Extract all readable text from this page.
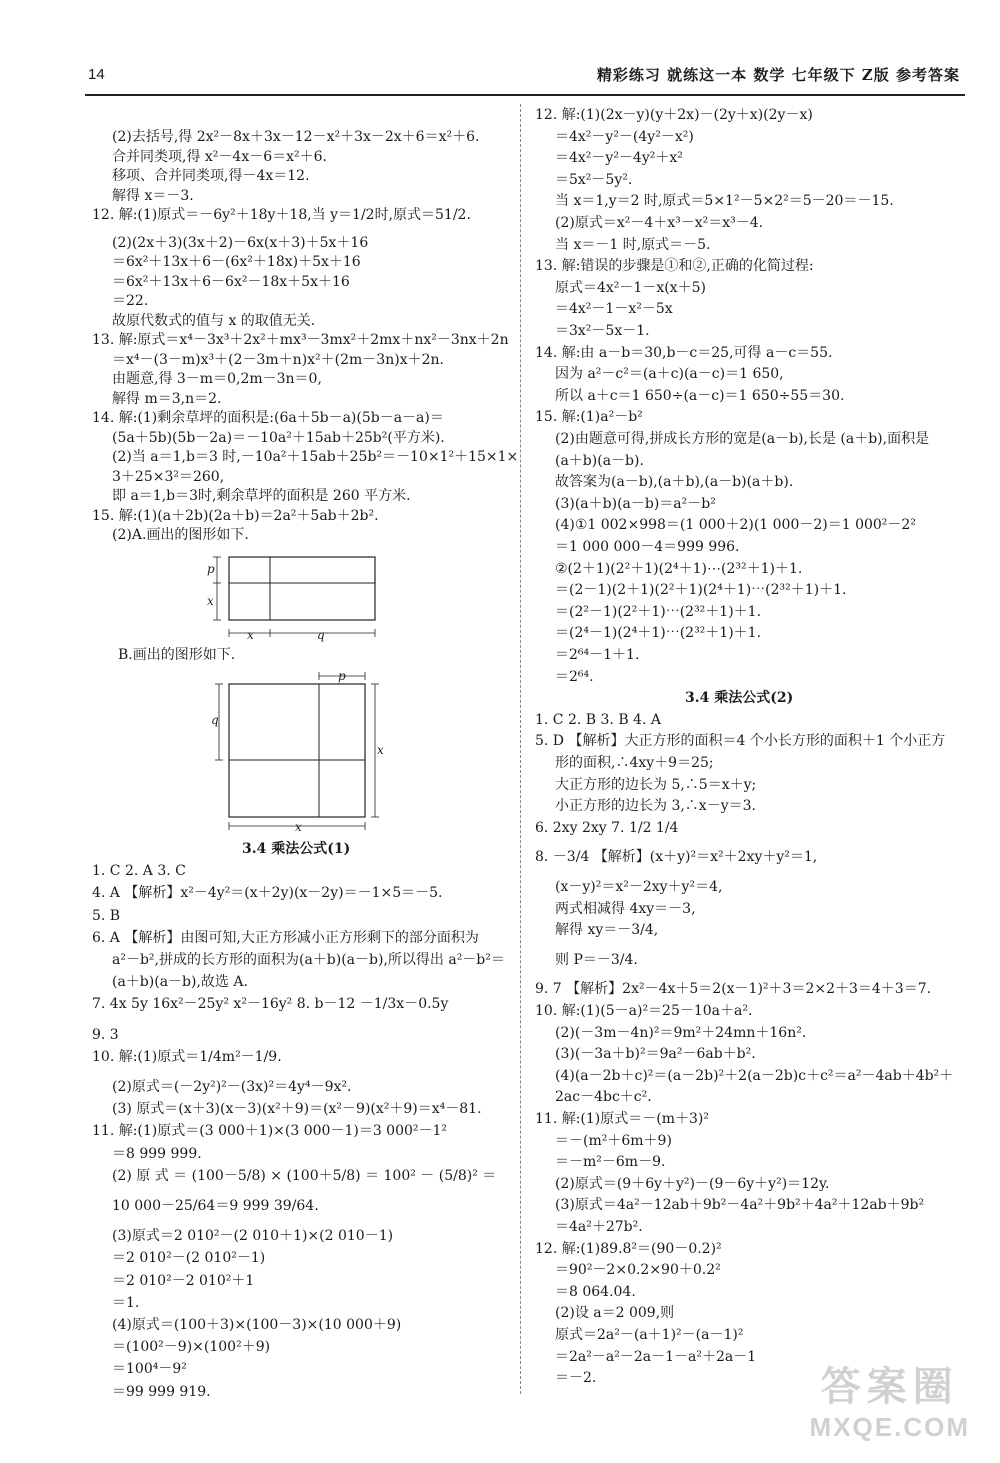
14	精彩练习 就练这一本 数学 七年级下 Z版 参考答案
(2)去括号,得 2x²－8x＋3x－12－x²＋3x－2x＋6＝x²＋6.
合并同类项,得 x²－4x－6＝x²＋6.
移项、合并同类项,得－4x＝12.
解得 x＝－3.
12. 解:(1)原式＝－6y²＋18y＋18,当 y＝1/2时,原式＝51/2.
(2)(2x＋3)(3x＋2)－6x(x＋3)＋5x＋16
＝6x²＋13x＋6－(6x²＋18x)＋5x＋16
＝6x²＋13x＋6－6x²－18x＋5x＋16
＝22.
故原代数式的值与 x 的取值无关.
13. 解:原式＝x⁴－3x³＋2x²＋mx³－3mx²＋2mx＋nx²－3nx＋2n
＝x⁴－(3－m)x³＋(2－3m＋n)x²＋(2m－3n)x＋2n.
由题意,得 3－m＝0,2m－3n＝0,
解得 m＝3,n＝2.
14. 解:(1)剩余草坪的面积是:(6a＋5b－a)(5b－a－a)＝
(5a＋5b)(5b－2a)＝－10a²＋15ab＋25b²(平方米).
(2)当 a＝1,b＝3 时,－10a²＋15ab＋25b²＝－10×1²＋15×1×
3＋25×3²＝260,
即 a＝1,b＝3时,剩余草坪的面积是 260 平方米.
15. 解:(1)(a＋2b)(2a＋b)＝2a²＋5ab＋2b².
(2)A.画出的图形如下.
p
x
x	q
B.画出的图形如下.
p
q
x
x
3.4 乘法公式(1)
1. C 2. A 3. C
4. A 【解析】x²－4y²＝(x＋2y)(x－2y)＝－1×5＝－5.
5. B
6. A 【解析】由图可知,大正方形减小正方形剩下的部分面积为
a²－b²,拼成的长方形的面积为(a＋b)(a－b),所以得出 a²－b²＝
(a＋b)(a－b),故选 A.
7. 4x 5y 16x²－25y² x²－16y² 8. b－12 －1/3x－0.5y
9. 3
10. 解:(1)原式＝1/4m²－1/9.
(2)原式＝(－2y²)²－(3x)²＝4y⁴－9x².
(3) 原式＝(x＋3)(x－3)(x²＋9)＝(x²－9)(x²＋9)＝x⁴－81.
11. 解:(1)原式＝(3 000＋1)×(3 000－1)＝3 000²－1²
＝8 999 999.
(2) 原 式 ＝ (100－5/8) × (100＋5/8) ＝ 100² － (5/8)² ＝
10 000－25/64＝9 999 39/64.
(3)原式＝2 010²－(2 010＋1)×(2 010－1)
＝2 010²－(2 010²－1)
＝2 010²－2 010²＋1
＝1.
(4)原式＝(100＋3)×(100－3)×(10 000＋9)
＝(100²－9)×(100²＋9)
＝100⁴－9²
＝99 999 919.
12. 解:(1)(2x－y)(y＋2x)－(2y＋x)(2y－x)
＝4x²－y²－(4y²－x²)
＝4x²－y²－4y²＋x²
＝5x²－5y².
当 x＝1,y＝2 时,原式＝5×1²－5×2²＝5－20＝－15.
(2)原式＝x²－4＋x³－x²＝x³－4.
当 x＝－1 时,原式＝－5.
13. 解:错误的步骤是①和②,正确的化简过程:
原式＝4x²－1－x(x＋5)
＝4x²－1－x²－5x
＝3x²－5x－1.
14. 解:由 a－b＝30,b－c＝25,可得 a－c＝55.
因为 a²－c²＝(a＋c)(a－c)＝1 650,
所以 a＋c＝1 650÷(a－c)＝1 650÷55＝30.
15. 解:(1)a²－b²
(2)由题意可得,拼成长方形的宽是(a－b),长是 (a＋b),面积是
(a＋b)(a－b).
故答案为(a－b),(a＋b),(a－b)(a＋b).
(3)(a＋b)(a－b)＝a²－b²
(4)①1 002×998＝(1 000＋2)(1 000－2)＝1 000²－2²
＝1 000 000－4＝999 996.
②(2＋1)(2²＋1)(2⁴＋1)⋯(2³²＋1)＋1.
＝(2－1)(2＋1)(2²＋1)(2⁴＋1)⋯(2³²＋1)＋1.
＝(2²－1)(2²＋1)⋯(2³²＋1)＋1.
＝(2⁴－1)(2⁴＋1)⋯(2³²＋1)＋1.
＝2⁶⁴－1＋1.
＝2⁶⁴.
3.4 乘法公式(2)
1. C 2. B 3. B 4. A
5. D 【解析】大正方形的面积＝4 个小长方形的面积＋1 个小正方
形的面积,∴4xy＋9＝25;
大正方形的边长为 5,∴5＝x＋y;
小正方形的边长为 3,∴x－y＝3.
6. 2xy 2xy 7. 1/2 1/4
8. －3/4 【解析】(x＋y)²＝x²＋2xy＋y²＝1,
(x－y)²＝x²－2xy＋y²＝4,
两式相减得 4xy＝－3,
解得 xy＝－3/4,
则 P＝－3/4.
9. 7 【解析】2x²－4x＋5＝2(x－1)²＋3＝2×2＋3＝4＋3＝7.
10. 解:(1)(5－a)²＝25－10a＋a².
(2)(－3m－4n)²＝9m²＋24mn＋16n².
(3)(－3a＋b)²＝9a²－6ab＋b².
(4)(a－2b＋c)²＝(a－2b)²＋2(a－2b)c＋c²＝a²－4ab＋4b²＋
2ac－4bc＋c².
11. 解:(1)原式＝－(m＋3)²
＝－(m²＋6m＋9)
＝－m²－6m－9.
(2)原式＝(9＋6y＋y²)－(9－6y＋y²)＝12y.
(3)原式＝4a²－12ab＋9b²－4a²＋9b²＋4a²＋12ab＋9b²
＝4a²＋27b².
12. 解:(1)89.8²＝(90－0.2)²
＝90²－2×0.2×90＋0.2²
＝8 064.04.
(2)设 a＝2 009,则
原式＝2a²－(a＋1)²－(a－1)²
＝2a²－a²－2a－1－a²＋2a－1
＝－2.	答案圈
MXQE.COM
